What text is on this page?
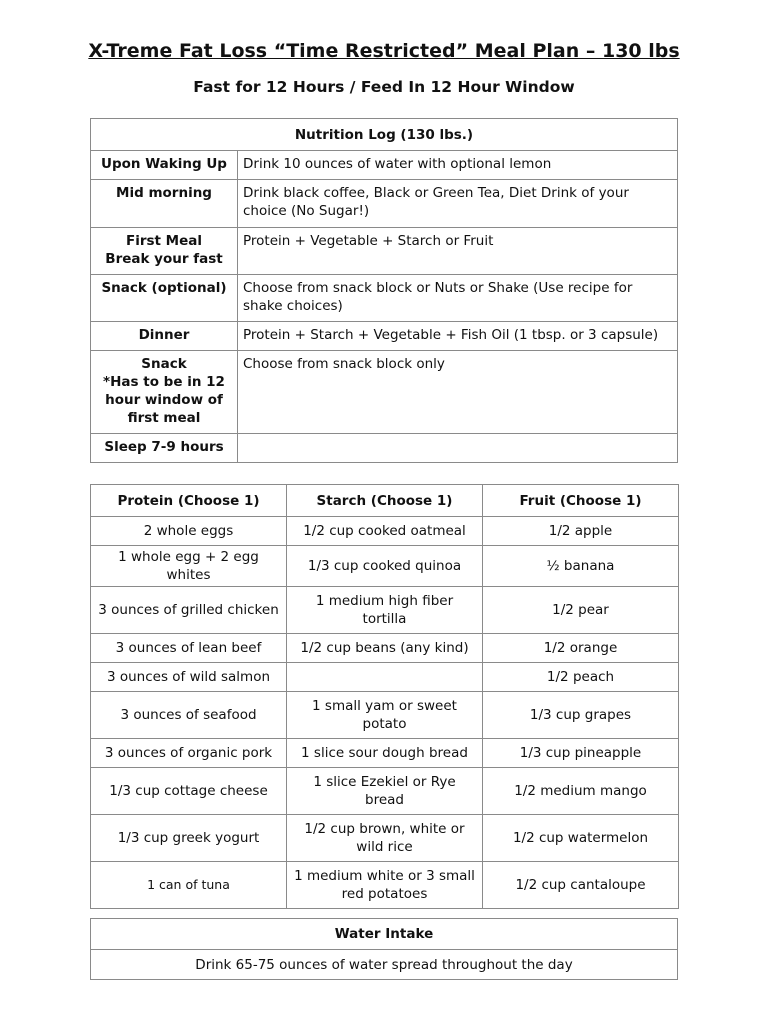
X-Treme Fat Loss “Time Restricted” Meal Plan – 130 lbs
Fast for 12 Hours / Feed In 12 Hour Window
Nutrition Log (130 lbs.)	
Upon Waking Up	Drink 10 ounces of water with optional lemon
Mid morning	Drink black coffee, Black or Green Tea, Diet Drink of your choice (No Sugar!)
First Meal
Break your fast	Protein + Vegetable + Starch or Fruit
Snack (optional)	Choose from snack block or Nuts or Shake (Use recipe for shake choices)
Dinner	Protein + Starch + Vegetable + Fish Oil (1 tbsp. or 3 capsule)
Snack
*Has to be in 12 hour window of first meal	Choose from snack block only
Sleep 7-9 hours	
Protein (Choose 1)	Starch (Choose 1)	Fruit (Choose 1)
2 whole eggs	1/2 cup cooked oatmeal	1/2 apple
1 whole egg + 2 egg whites	1/3 cup cooked quinoa	½ banana
3 ounces of grilled chicken	1 medium high fiber tortilla	1/2 pear
3 ounces of lean beef	1/2 cup beans (any kind)	1/2 orange
3 ounces of wild salmon		1/2 peach
3 ounces of seafood	1 small yam or sweet potato	1/3 cup grapes
3 ounces of organic pork	1 slice sour dough bread	1/3 cup pineapple
1/3 cup cottage cheese	1 slice Ezekiel or Rye bread	1/2 medium mango
1/3 cup greek yogurt	1/2 cup brown, white or wild rice	1/2 cup watermelon
1 can of tuna	1 medium white or 3 small red potatoes	1/2 cup cantaloupe
Water Intake
Drink 65-75 ounces of water spread throughout the day
